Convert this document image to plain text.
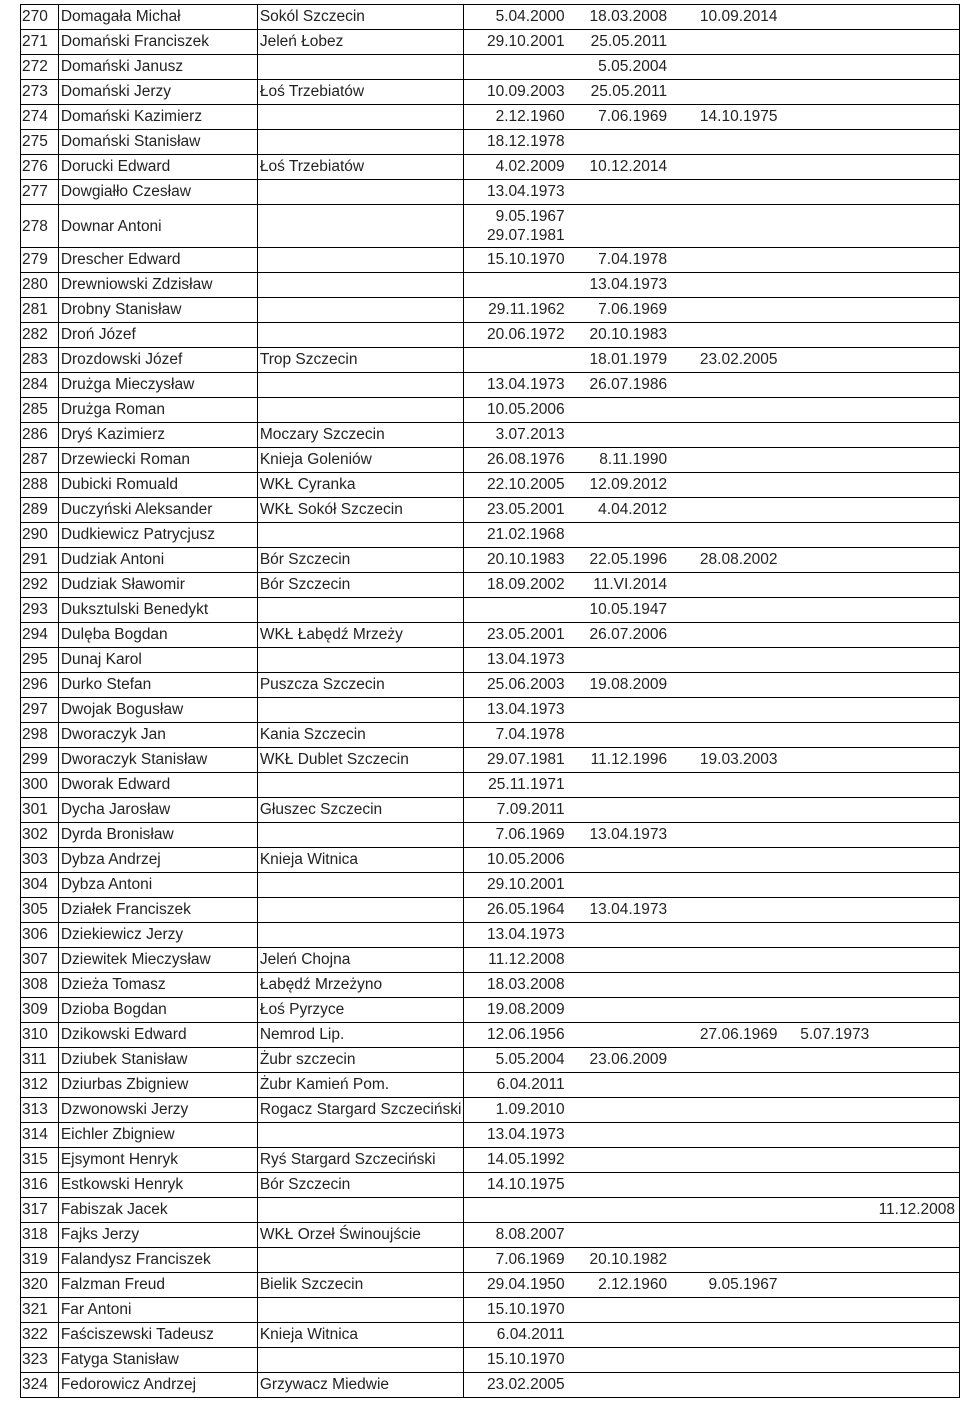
270	Domagała Michał	Sokól Szczecin	5.04.2000	18.03.2008	10.09.2014		
271	Domański Franciszek	Jeleń Łobez	29.10.2001	25.05.2011			
272	Domański Janusz			5.05.2004			
273	Domański Jerzy	Łoś Trzebiatów	10.09.2003	25.05.2011			
274	Domański Kazimierz		2.12.1960	7.06.1969	14.10.1975		
275	Domański Stanisław		18.12.1978				
276	Dorucki Edward	Łoś Trzebiatów	4.02.2009	10.12.2014			
277	Dowgiałło Czesław		13.04.1973				
278	Downar Antoni		9.05.1967
29.07.1981				

279	Drescher Edward		15.10.1970	7.04.1978			
280	Drewniowski Zdzisław			13.04.1973			
281	Drobny Stanisław		29.11.1962	7.06.1969			
282	Droń Józef		20.06.1972	20.10.1983			
283	Drozdowski Józef	Trop Szczecin		18.01.1979	23.02.2005		
284	Drużga Mieczysław		13.04.1973	26.07.1986			
285	Drużga Roman		10.05.2006				
286	Dryś Kazimierz	Moczary Szczecin	3.07.2013				
287	Drzewiecki Roman	Knieja Goleniów	26.08.1976	8.11.1990			
288	Dubicki Romuald	WKŁ Cyranka	22.10.2005	12.09.2012			
289	Duczyński Aleksander	WKŁ Sokół Szczecin	23.05.2001	4.04.2012			
290	Dudkiewicz Patrycjusz		21.02.1968				
291	Dudziak Antoni	Bór Szczecin	20.10.1983	22.05.1996	28.08.2002		
292	Dudziak Sławomir	Bór Szczecin	18.09.2002	11.VI.2014			
293	Duksztulski Benedykt			10.05.1947			
294	Dulęba Bogdan	WKŁ Łabędź Mrzeży	23.05.2001	26.07.2006			
295	Dunaj Karol		13.04.1973				
296	Durko Stefan	Puszcza Szczecin	25.06.2003	19.08.2009			
297	Dwojak Bogusław		13.04.1973				
298	Dworaczyk Jan	Kania Szczecin	7.04.1978				
299	Dworaczyk Stanisław	WKŁ Dublet Szczecin	29.07.1981	11.12.1996	19.03.2003		
300	Dworak Edward		25.11.1971				
301	Dycha Jarosław	Głuszec Szczecin	7.09.2011				
302	Dyrda Bronisław		7.06.1969	13.04.1973			
303	Dybza Andrzej	Knieja Witnica	10.05.2006				
304	Dybza Antoni		29.10.2001				
305	Działek Franciszek		26.05.1964	13.04.1973			
306	Dziekiewicz Jerzy		13.04.1973				
307	Dziewitek Mieczysław	Jeleń Chojna	11.12.2008				
308	Dzieża Tomasz	Łabędź Mrzeżyno	18.03.2008				
309	Dzioba Bogdan	Łoś Pyrzyce	19.08.2009				
310	Dzikowski Edward	Nemrod Lip.	12.06.1956		27.06.1969	5.07.1973	
311	Dziubek Stanisław	Żubr szczecin	5.05.2004	23.06.2009			
312	Dziurbas Zbigniew	Żubr Kamień Pom.	6.04.2011				
313	Dzwonowski Jerzy	Rogacz Stargard Szczeciński	1.09.2010				
314	Eichler Zbigniew		13.04.1973				
315	Ejsymont Henryk	Ryś Stargard Szczeciński	14.05.1992				
316	Estkowski Henryk	Bór Szczecin	14.10.1975				
317	Fabiszak Jacek						11.12.2008
318	Fajks Jerzy	WKŁ Orzeł Świnoujście	8.08.2007				
319	Falandysz Franciszek		7.06.1969	20.10.1982			
320	Falzman Freud	Bielik Szczecin	29.04.1950	2.12.1960	9.05.1967		
321	Far Antoni		15.10.1970				
322	Faściszewski Tadeusz	Knieja Witnica	6.04.2011				
323	Fatyga Stanisław		15.10.1970				
324	Fedorowicz Andrzej	Grzywacz Miedwie	23.02.2005				
